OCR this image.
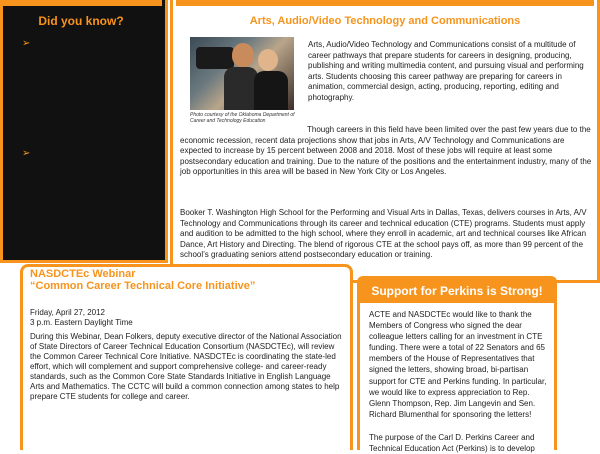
Did you know?
➢
➢
Arts, Audio/Video Technology and Communications
Photo courtesy of the Oklahoma Department of Career and Technology Education
Arts, Audio/Video Technology and Communications consist of a multitude of career pathways that prepare students for careers in designing, producing, publishing and writing multimedia content, and pursuing visual and performing arts. Students choosing this career pathway are preparing for careers in animation, commercial design, acting, producing, reporting, editing and photography.
Though careers in this field have been limited over the past few years due to the economic recession, recent data projections show that jobs in Arts, A/V Technology and Communications are expected to increase by 15 percent between 2008 and 2018. Most of these jobs will require at least some postsecondary education and training. Due to the nature of the positions and the entertainment industry, many of the job opportunities in this area will be based in New York City or Los Angeles.
Booker T. Washington High School for the Performing and Visual Arts in Dallas, Texas, delivers courses in Arts, A/V Technology and Communications through its career and technical education (CTE) programs. Students must apply and audition to be admitted to the high school, where they enroll in academic, art and technical courses like African Dance, Art History and Directing. The blend of rigorous CTE at the school pays off, as more than 99 percent of the school’s graduating seniors attend postsecondary education or training.
NASDCTEc Webinar
“Common Career Technical Core Initiative”
Friday, April 27, 2012
3 p.m. Eastern Daylight Time
During this Webinar, Dean Folkers, deputy executive director of the National Association of State Directors of Career Technical Education Consortium (NASDCTEc), will review the Common Career Technical Core Initiative. NASDCTEc is coordinating the state-led effort, which will complement and support comprehensive college- and career-ready standards, such as the Common Core State Standards Initiative in English Language Arts and Mathematics. The CCTC will build a common connection among states to help prepare CTE students for college and career.
Support for Perkins is Strong!
ACTE and NASDCTEc would like to thank the Members of Congress who signed the dear colleague letters calling for an investment in CTE funding. There were a total of 22 Senators and 65 members of the House of Representatives that signed the letters, showing broad, bi-partisan support for CTE and Perkins funding. In particular, we would like to express appreciation to Rep. Glenn Thompson, Rep. Jim Langevin and Sen. Richard Blumenthal for sponsoring the letters!
The purpose of the Carl D. Perkins Career and Technical Education Act (Perkins) is to develop
